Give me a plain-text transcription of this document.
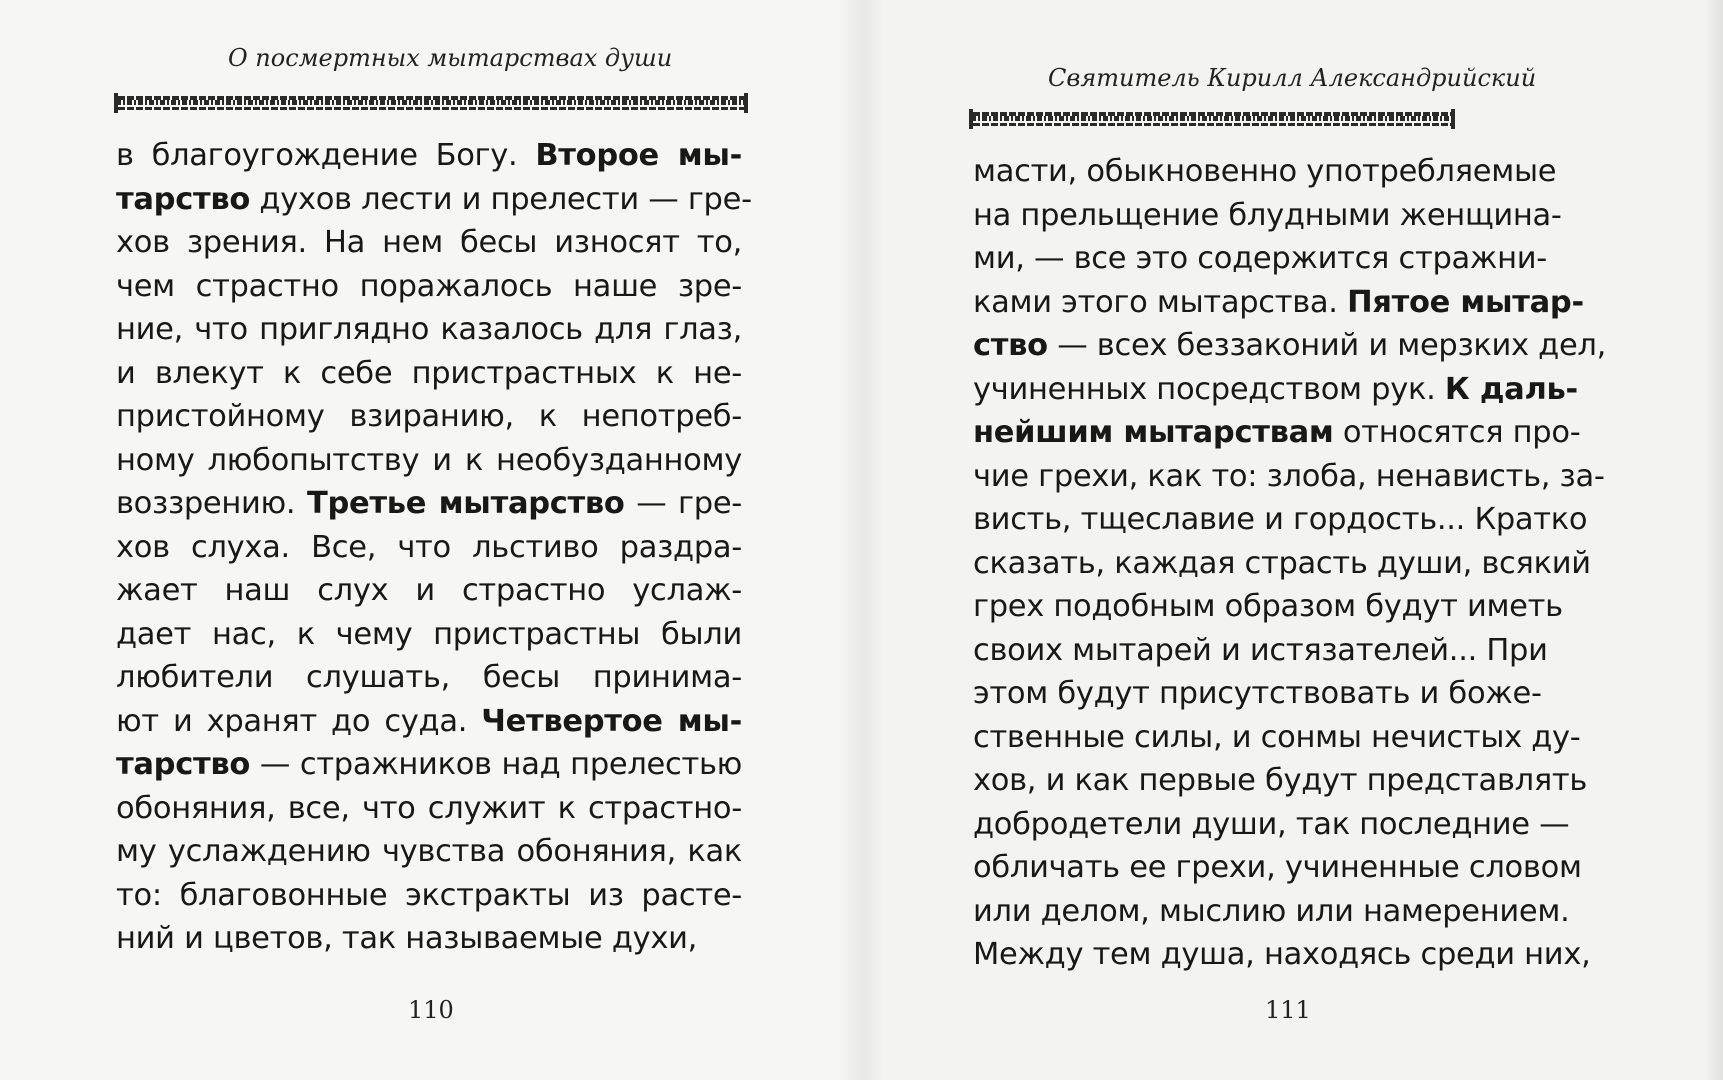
О посмертных мытарствах души
в благоугождение Богу. Второе мы-
тарство духов лести и прелести — гре-
хов зрения. На нем бесы износят то,
чем страстно поражалось наше зре-
ние, что приглядно казалось для глаз,
и влекут к себе пристрастных к не-
пристойному взиранию, к непотреб-
ному любопытству и к необузданному
воззрению. Третье мытарство — гре-
хов слуха. Все, что льстиво раздра-
жает наш слух и страстно услаж-
дает нас, к чему пристрастны были
любители слушать, бесы принима-
ют и хранят до суда. Четвертое мы-
тарство — стражников над прелестью
обоняния, все, что служит к страстно-
му услаждению чувства обоняния, как
то: благовонные экстракты из расте-
ний и цветов, так называемые духи,
110
Святитель Кирилл Александрийский
масти, обыкновенно употребляемые
на прельщение блудными женщина-
ми, — все это содержится стражни-
ками этого мытарства. Пятое мытар-
ство — всех беззаконий и мерзких дел,
учиненных посредством рук. К даль-
нейшим мытарствам относятся про-
чие грехи, как то: злоба, ненависть, за-
висть, тщеславие и гордость... Кратко
сказать, каждая страсть души, всякий
грех подобным образом будут иметь
своих мытарей и истязателей... При
этом будут присутствовать и боже-
ственные силы, и сонмы нечистых ду-
хов, и как первые будут представлять
добродетели души, так последние —
обличать ее грехи, учиненные словом
или делом, мыслию или намерением.
Между тем душа, находясь среди них,
111
